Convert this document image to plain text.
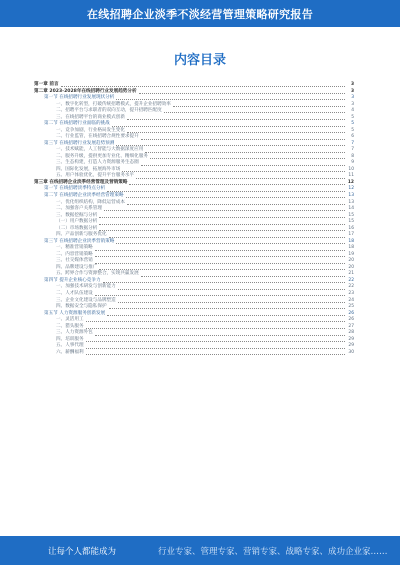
在线招聘企业淡季不淡经营管理策略研究报告
内容目录
第一章 前言	3
第二章 2023-2028年在线招聘行业发展趋势分析	3
第一节 在线招聘行业发展现状分析	3
一、数字化转型，打破传统招聘模式，提升企业招聘效率	3
二、招聘平台与求职者的双向互动，提升招聘匹配度	4
三、在线招聘平台的商业模式创新	5
第二节 在线招聘行业面临的挑战	5
一、竞争加剧，行业格局发生变化	5
二、行业监管，在线招聘合规性要求提升	6
第三节 在线招聘行业发展趋势预测	7
一、技术赋能，人工智能与大数据深度应用	7
二、服务升级，提供更加专业化、精细化服务	8
三、生态构建，打造人力资源服务生态圈	9
四、国际化发展，拓展海外市场	10
五、用户体验优化，提升平台服务水平	11
第三章 在线招聘企业淡季经营管理及营销策略	12
第一节 在线招聘淡季特点分析	12
第二节 在线招聘企业淡季经营管理策略	13
一、优化组织结构，降低运营成本	13
二、加强客户关系管理	14
三、数据挖掘与分析	15
（一）用户数据分析	15
（二）市场数据分析	16
四、产品创新与服务优化	17
第三节 在线招聘企业淡季营销策略	18
一、精准营销策略	18
二、内容营销策略	19
三、社交媒体营销	20
四、品牌建设与推广	20
五、跨界合作与资源整合，实现共赢发展	21
第四节 提升企业核心竞争力	22
一、加强技术研发与创新能力	22
二、人才队伍建设	23
三、企业文化建设与品牌塑造	24
四、数据安全与隐私保护	25
第五节 人力资源服务创新发展	26
一、灵活用工	26
二、猎头服务	27
三、人力资源外包	28
四、培训服务	29
五、人事代理	29
六、薪酬福利	30
让每个人都能成为	行业专家、管理专家、营销专家、战略专家、成功企业家……
